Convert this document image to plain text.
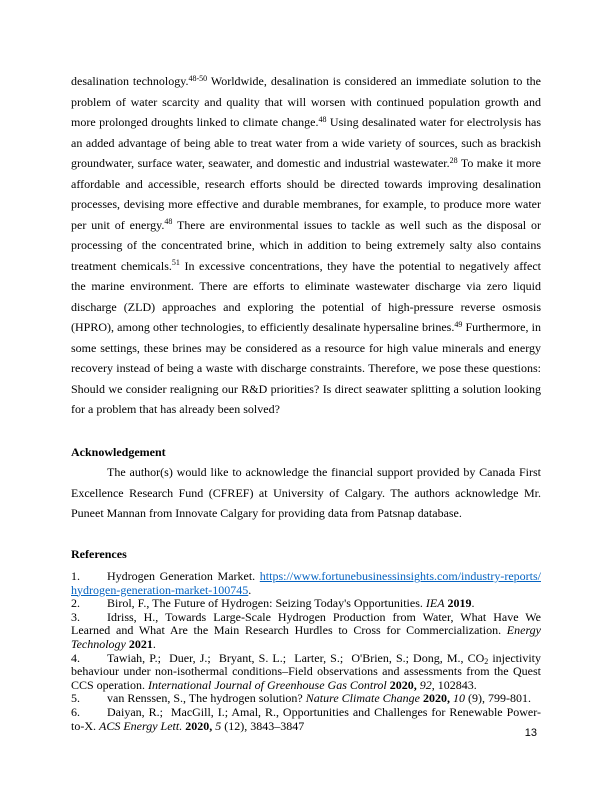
desalination technology.$^{48-50}$ Worldwide, desalination is considered an immediate solution to the problem of water scarcity and quality that will worsen with continued population growth and more prolonged droughts linked to climate change.$^{48}$ Using desalinated water for electrolysis has an added advantage of being able to treat water from a wide variety of sources, such as brackish groundwater, surface water, seawater, and domestic and industrial wastewater.$^{28}$ To make it more affordable and accessible, research efforts should be directed towards improving desalination processes, devising more effective and durable membranes, for example, to produce more water per unit of energy.$^{48}$ There are environmental issues to tackle as well such as the disposal or processing of the concentrated brine, which in addition to being extremely salty also contains treatment chemicals.$^{51}$ In excessive concentrations, they have the potential to negatively affect the marine environment. There are efforts to eliminate wastewater discharge via zero liquid discharge (ZLD) approaches and exploring the potential of high-pressure reverse osmosis (HPRO), among other technologies, to efficiently desalinate hypersaline brines.$^{49}$ Furthermore, in some settings, these brines may be considered as a resource for high value minerals and energy recovery instead of being a waste with discharge constraints. Therefore, we pose these questions: Should we consider realigning our R&D priorities? Is direct seawater splitting a solution looking for a problem that has already been solved?

Acknowledgement

The author(s) would like to acknowledge the financial support provided by Canada First Excellence Research Fund (CFREF) at University of Calgary. The authors acknowledge Mr. Puneet Mannan from Innovate Calgary for providing data from Patsnap database.

References

1. Hydrogen Generation Market. https://www.fortunebusinessinsights.com/industry-reports/hydrogen-generation-market-100745.

2. Birol, F., The Future of Hydrogen: Seizing Today's Opportunities. IEA 2019.

3. Idriss, H., Towards Large-Scale Hydrogen Production from Water, What Have We Learned and What Are the Main Research Hurdles to Cross for Commercialization. Energy Technology 2021.

4. Tawiah, P.;  Duer, J.;  Bryant, S. L.;  Larter, S.;  O'Brien, S.; Dong, M., $CO_2$ injectivity behaviour under non-isothermal conditions–Field observations and assessments from the Quest CCS operation. International Journal of Greenhouse Gas Control 2020, 92, 102843.

5. van Renssen, S., The hydrogen solution? Nature Climate Change 2020, 10 (9), 799-801.

6. Daiyan, R.;  MacGill, I.; Amal, R., Opportunities and Challenges for Renewable Power-to-X. ACS Energy Lett. 2020, 5 (12), 3843–3847

13
